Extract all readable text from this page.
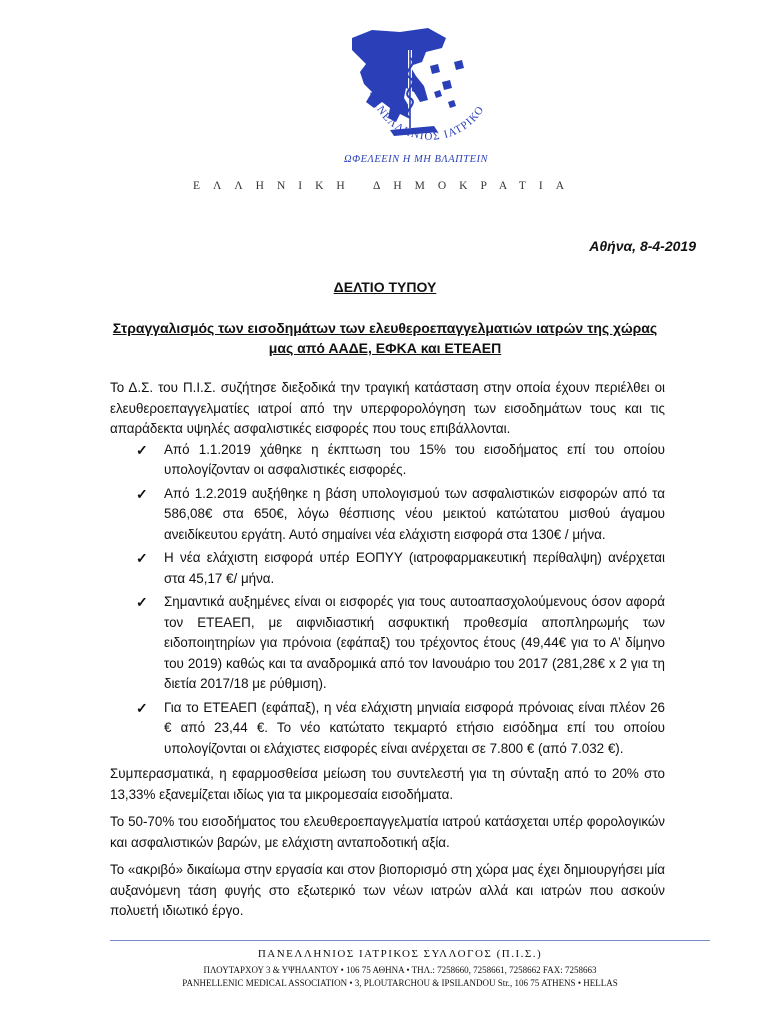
ΠΑΝΕΛΛΗΝΙΟΣ ΙΑΤΡΙΚΟ
ΩΦΕΛΕΕΙΝ Η ΜΗ ΒΛΑΠΤΕΙΝ
ΕΛΛΗΝΙΚΗ ΔΗΜΟΚΡΑΤΙΑ
Αθήνα, 8-4-2019
ΔΕΛΤΙΟ ΤΥΠΟΥ
Στραγγαλισμός των εισοδημάτων των ελευθεροεπαγγελματιών ιατρών της χώρας μας από ΑΑΔΕ, ΕΦΚΑ και ΕΤΕΑΕΠ

Το Δ.Σ. του Π.Ι.Σ. συζήτησε διεξοδικά την τραγική κατάσταση στην οποία έχουν περιέλθει οι ελευθεροεπαγγελματίες ιατροί από την υπερφορολόγηση των εισοδημάτων τους και τις απαράδεκτα υψηλές ασφαλιστικές εισφορές που τους επιβάλλονται.

✓ Από 1.1.2019 χάθηκε η έκπτωση του 15% του εισοδήματος επί του οποίου υπολογίζονταν οι ασφαλιστικές εισφορές.
✓ Από 1.2.2019 αυξήθηκε η βάση υπολογισμού των ασφαλιστικών εισφορών από τα 586,08€ στα 650€, λόγω θέσπισης νέου μεικτού κατώτατου μισθού άγαμου ανειδίκευτου εργάτη. Αυτό σημαίνει νέα ελάχιστη εισφορά στα 130€ / μήνα.
✓ Η νέα ελάχιστη εισφορά υπέρ ΕΟΠΥΥ (ιατροφαρμακευτική περίθαλψη) ανέρχεται στα 45,17 €/ μήνα.
✓ Σημαντικά αυξημένες είναι οι εισφορές για τους αυτοαπασχολούμενους όσον αφορά τον ΕΤΕΑΕΠ, με αιφνιδιαστική ασφυκτική προθεσμία αποπληρωμής των ειδοποιητηρίων για πρόνοια (εφάπαξ) του τρέχοντος έτους (49,44€ για το Α’ δίμηνο του 2019) καθώς και τα αναδρομικά από τον Ιανουάριο του 2017 (281,28€ x 2 για τη διετία 2017/18 με ρύθμιση).
✓ Για το ΕΤΕΑΕΠ (εφάπαξ), η νέα ελάχιστη μηνιαία εισφορά πρόνοιας είναι πλέον 26 € από 23,44 €. Το νέο κατώτατο τεκμαρτό ετήσιο εισόδημα επί του οποίου υπολογίζονται οι ελάχιστες εισφορές είναι ανέρχεται σε 7.800 € (από 7.032 €).

Συμπερασματικά, η εφαρμοσθείσα μείωση του συντελεστή για τη σύνταξη από το 20% στο 13,33% εξανεμίζεται ιδίως για τα μικρομεσαία εισοδήματα.

Το 50-70% του εισοδήματος του ελευθεροεπαγγελματία ιατρού κατάσχεται υπέρ φορολογικών και ασφαλιστικών βαρών, με ελάχιστη ανταποδοτική αξία.

Το «ακριβό» δικαίωμα στην εργασία και στον βιοπορισμό στη χώρα μας έχει δημιουργήσει μία αυξανόμενη τάση φυγής στο εξωτερικό των νέων ιατρών αλλά και ιατρών που ασκούν πολυετή ιδιωτικό έργο.

ΠΑΝΕΛΛΗΝΙΟΣ ΙΑΤΡΙΚΟΣ ΣΥΛΛΟΓΟΣ (Π.Ι.Σ.)
ΠΛΟΥΤΑΡΧΟΥ 3 & ΥΨΗΛΑΝΤΟΥ • 106 75 ΑΘΗΝΑ • ΤΗΛ.: 7258660, 7258661, 7258662 FAX: 7258663
PANHELLENIC MEDICAL ASSOCIATION • 3, PLOUTARCHOU & IPSILANDOU Str., 106 75 ATHENS • HELLAS
